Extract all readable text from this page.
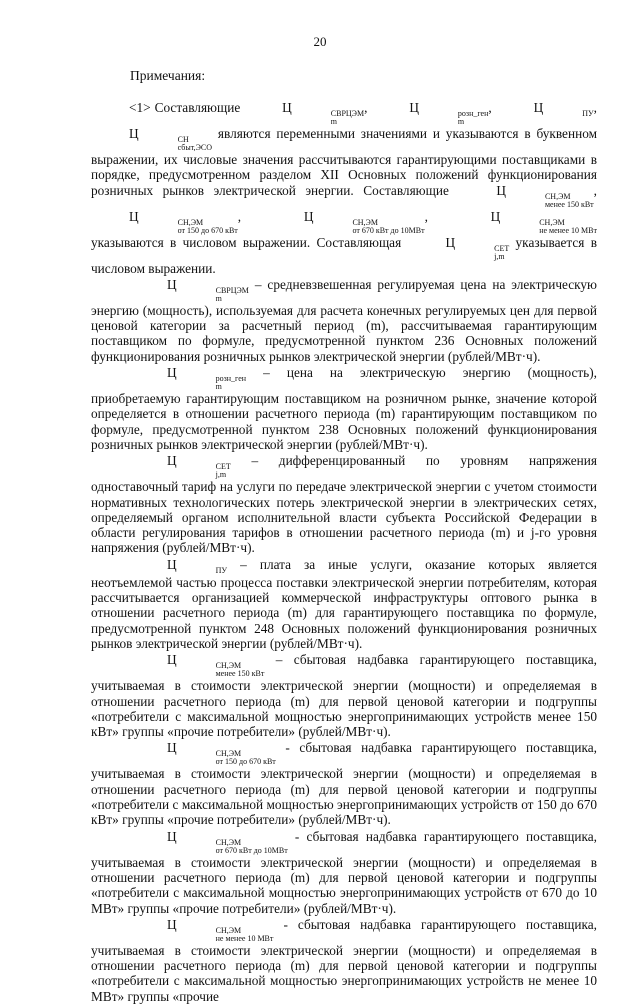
20
Примечания:

<1> Составляющие	Ц	СВРЦЭМ
m
,	Ц	розн_ген
m
,	Ц	ПУ , Ц	СН
сбыт,ЭСО
являются переменными значениями и указываются в буквенном выражении, их числовые значения рассчитываются гарантирующими поставщиками в порядке, предусмотренном разделом XII Основных положений функционирования розничных рынков электрической энергии. Составляющие	Ц	СН,ЭМ
менее 150 кВт
, Ц	СН,ЭМ
от 150 до 670 кВт
,	Ц	СН,ЭМ
от 670 кВт до 10МВт
,	Ц	СН,ЭМ
не менее 10 МВт
указываются в числовом выражении. Составляющая	Ц	СЕТ
j,m
указывается в числовом выражении.

Ц	СВРЦЭМ
m
– средневзвешенная регулируемая цена на электрическую энергию (мощность), используемая для расчета конечных регулируемых цен для первой ценовой категории за расчетный период (m), рассчитываемая гарантирующим поставщиком по формуле, предусмотренной пунктом 236 Основных положений функционирования розничных рынков электрической энергии (рублей/МВт·ч).

Ц	розн_ген
m
– цена на электрическую энергию (мощность), приобретаемую гарантирующим поставщиком на розничном рынке, значение которой определяется в отношении расчетного периода (m) гарантирующим поставщиком по формуле, предусмотренной пунктом 238 Основных положений функционирования розничных рынков электрической энергии (рублей/МВт·ч).

Ц	СЕТ
j,m
– дифференцированный по уровням напряжения одноставочный тариф на услуги по передаче электрической энергии с учетом стоимости нормативных технологических потерь электрической энергии в электрических сетях, определяемый органом исполнительной власти субъекта Российской Федерации в области регулирования тарифов в отношении расчетного периода (m) и j-го уровня напряжения (рублей/МВт·ч).

Ц	ПУ – плата за иные услуги, оказание которых является неотъемлемой частью процесса поставки электрической энергии потребителям, которая рассчитывается организацией коммерческой инфраструктуры оптового рынка в отношении расчетного периода (m) для гарантирующего поставщика по формуле, предусмотренной пунктом 248 Основных положений функционирования розничных рынков электрической энергии (рублей/МВт·ч).

Ц	СН,ЭМ
менее 150 кВт
– сбытовая надбавка гарантирующего поставщика, учитываемая в стоимости электрической энергии (мощности) и определяемая в отношении расчетного периода (m) для первой ценовой категории и подгруппы «потребители с максимальной мощностью энергопринимающих устройств менее 150 кВт» группы «прочие потребители» (рублей/МВт·ч).

Ц	СН,ЭМ
от 150 до 670 кВт
- сбытовая надбавка гарантирующего поставщика, учитываемая в стоимости электрической энергии (мощности) и определяемая в отношении расчетного периода (m) для первой ценовой категории и подгруппы «потребители с максимальной мощностью энергопринимающих устройств от 150 до 670 кВт» группы «прочие потребители» (рублей/МВт·ч).

Ц	СН,ЭМ
от 670 кВт до 10МВт
- сбытовая надбавка гарантирующего поставщика, учитываемая в стоимости электрической энергии (мощности) и определяемая в отношении расчетного периода (m) для первой ценовой категории и подгруппы «потребители с максимальной мощностью энергопринимающих устройств от 670 до 10 МВт» группы «прочие потребители» (рублей/МВт·ч).

Ц	СН,ЭМ
не менее 10 МВт
- сбытовая надбавка гарантирующего поставщика, учитываемая в стоимости электрической энергии (мощности) и определяемая в отношении расчетного периода (m) для первой ценовой категории и подгруппы «потребители с максимальной мощностью энергопринимающих устройств не менее 10 МВт» группы «прочие
